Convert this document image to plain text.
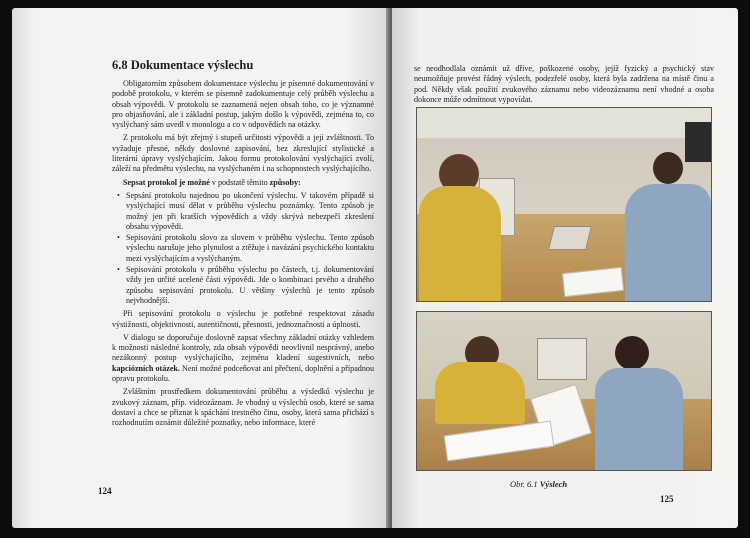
6.8 Dokumentace výslechu

Obligatorním způsobem dokumentace výslechu je písemné dokumentování v podobě protokolu, v kterém se písemně zadokumentuje celý průběh výslechu a obsah výpovědi. V protokolu se zaznamená nejen obsah toho, co je významné pro objasňování, ale i základní postup, jakým došlo k výpovědi, zejména to, co vyslýchaný sám uvedl v monologu a co v odpovědích na otázky.

Z protokolu má být zřejmý i stupeň určitosti výpovědi a její zvláštnosti. To vyžaduje přesné, někdy doslovné zapisování, bez zkreslující stylistické a literární úpravy vyslýchajícím. Jakou formu protokolování vyslýchající zvolí, záleží na předmětu výslechu, na vyslýchaném i na schopnostech vyslýchajícího.

Sepsat protokol je možné v podstatě těmito způsoby:

• Sepsání protokolu najednou po ukončení výslechu. V takovém případě si vyslýchající musí dělat v průběhu výslechu poznámky. Tento způsob je možný jen při kratších výpovědích a vždy skrývá nebezpečí zkreslení obsahu výpovědi.
• Sepisování protokolu slovo za slovem v průběhu výslechu. Tento způsob výslechu narušuje jeho plynulost a ztěžuje i navázání psychického kontaktu mezi vyslýchajícím a vyslýchaným.
• Sepisování protokolu v průběhu výslechu po částech, t.j. dokumentování vždy jen určité ucelené části výpovědi. Jde o kombinaci prvého a druhého způsobu sepisování protokolu. U většiny výslechů je tento způsob nejvhodnější.

Při sepisování protokolu o výslechu je potřebné respektovat zásadu výstižnosti, objektivnosti, autentičnosti, přesnosti, jednoznačnosti a úplnosti.

V dialogu se doporučuje doslovně zapsat všechny základní otázky vzhledem k možnosti následné kontroly, zda obsah výpovědi neovlivnil nesprávný, anebo nezákonný postup vyslýchajícího, zejména kladení sugestivních, nebo kapciózních otázek. Není možné podceňovat ani přečtení, doplnění a případnou opravu protokolu.

Zvláštním prostředkem dokumentování průběhu a výsledků výslechu je zvukový záznam, příp. videozáznam. Je vhodný u výslechů osob, které se sama dostaví a chce se přiznat k spáchání trestného činu, osoby, která sama přichází s rozhodnutím oznámit důležité poznatky, nebo informace, které

124
se neodhodlala oznámit už dříve, poškozené osoby, jejíž fyzický a psychický stav neumožňuje provést řádný výslech, podezřelé osoby, která byla zadržena na místě činu a pod. Někdy však použití zvukového záznamu nebo videozáznamu není vhodné a osoba dokonce může odmítnout vypovídat.
Obr. 6.1 Výslech
125
